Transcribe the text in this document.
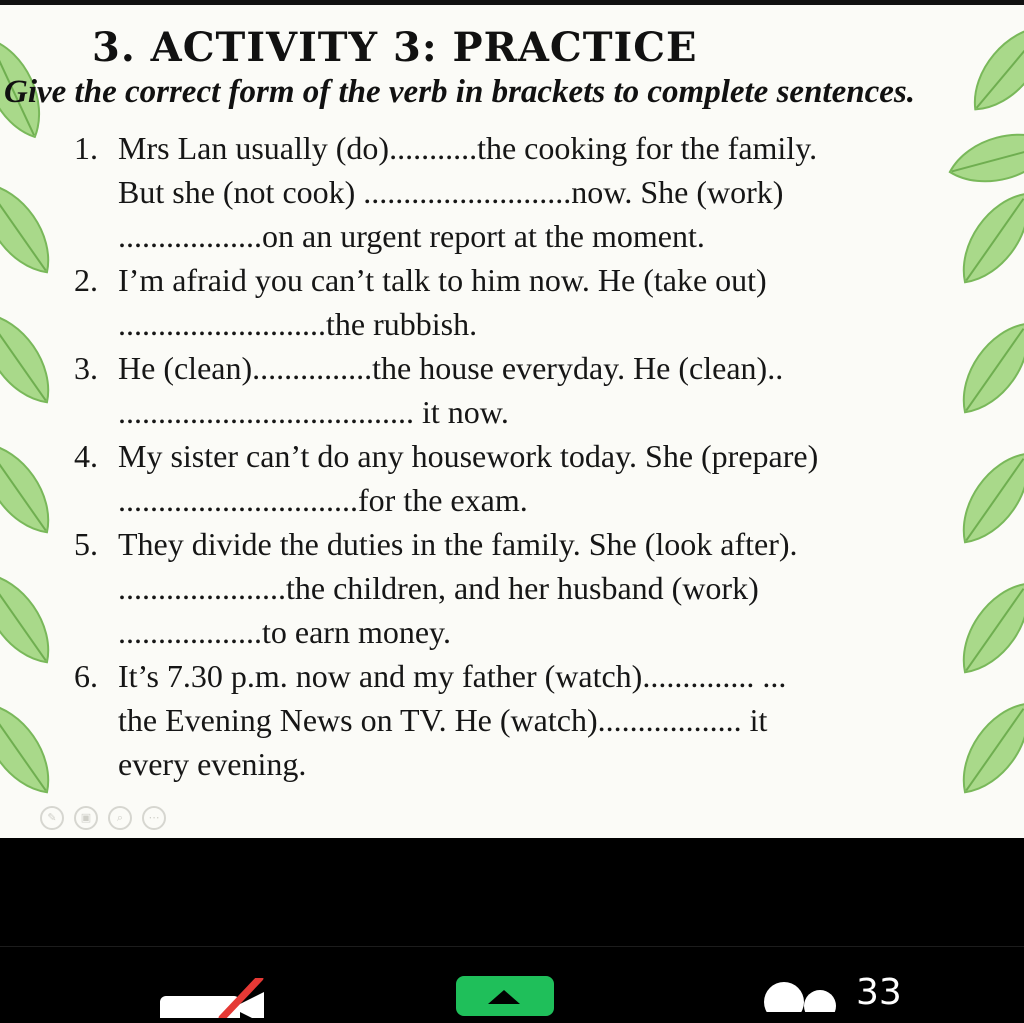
3. ACTIVITY 3: PRACTICE
Give the correct form of the verb in brackets to complete sentences.
1. Mrs Lan usually (do)...........the cooking for the family.
But she (not cook) ..........................now. She (work)
..................on an urgent report at the moment.
2. I’m afraid you can’t talk to him now. He (take out)
..........................the rubbish.
3. He (clean)...............the house everyday. He (clean)..
..................................... it now.
4. My sister can’t do any housework today. She (prepare)
..............................for the exam.
5. They divide the duties in the family. She (look after).
.....................the children, and her husband (work)
..................to earn money.
6. It’s 7.30 p.m. now and my father (watch).............. ...
the Evening News on TV. He (watch).................. it
every evening.
✎	▣	⌕	⋯
33
